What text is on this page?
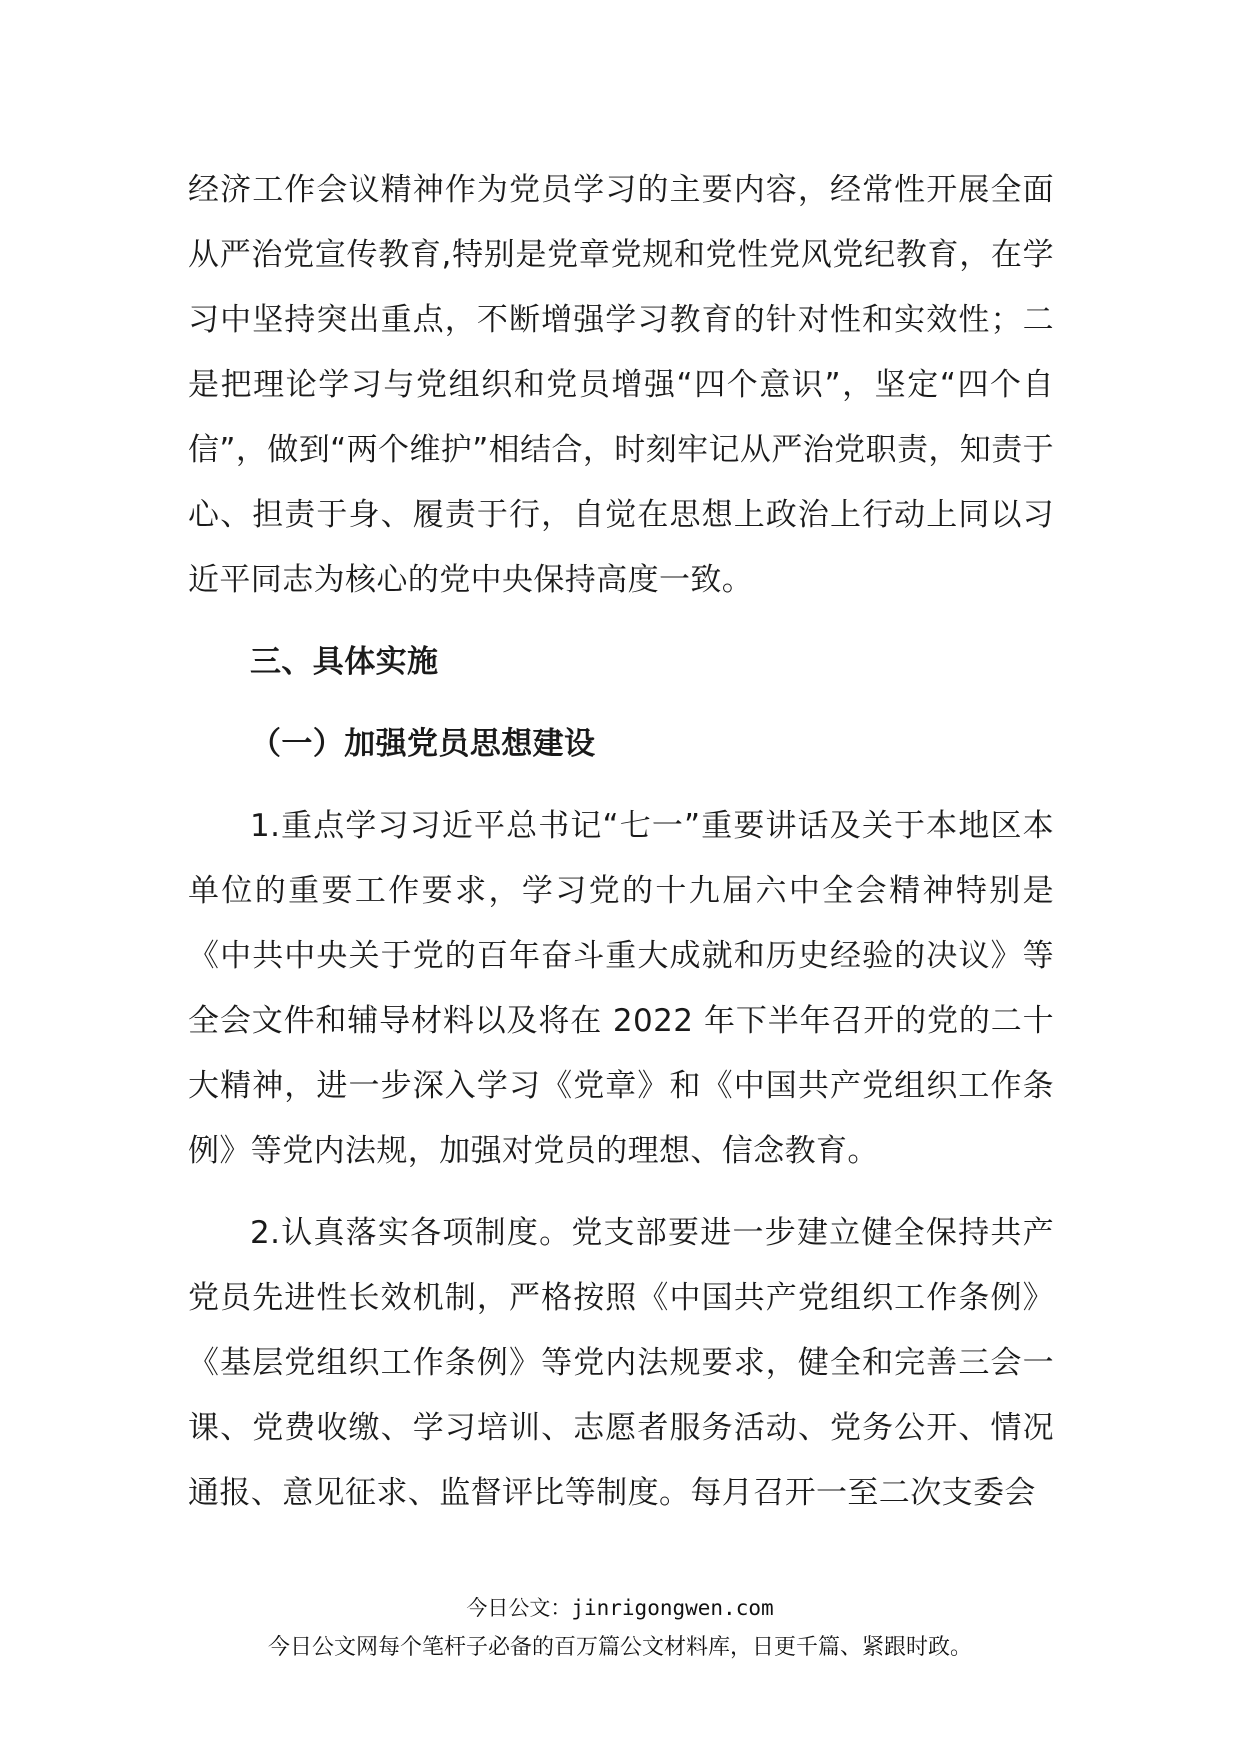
经济工作会议精神作为党员学习的主要内容，经常性开展全面从严治党宣传教育,特别是党章党规和党性党风党纪教育，在学习中坚持突出重点，不断增强学习教育的针对性和实效性；二是把理论学习与党组织和党员增强“四个意识”，坚定“四个自信”，做到“两个维护”相结合，时刻牢记从严治党职责，知责于心、担责于身、履责于行，自觉在思想上政治上行动上同以习近平同志为核心的党中央保持高度一致。

三、具体实施

（一）加强党员思想建设

1.重点学习习近平总书记“七一”重要讲话及关于本地区本单位的重要工作要求，学习党的十九届六中全会精神特别是《中共中央关于党的百年奋斗重大成就和历史经验的决议》等全会文件和辅导材料以及将在 2022 年下半年召开的党的二十大精神，进一步深入学习《党章》和《中国共产党组织工作条例》等党内法规，加强对党员的理想、信念教育。

2.认真落实各项制度。党支部要进一步建立健全保持共产党员先进性长效机制，严格按照《中国共产党组织工作条例》《基层党组织工作条例》等党内法规要求，健全和完善三会一课、党费收缴、学习培训、志愿者服务活动、党务公开、情况通报、意见征求、监督评比等制度。每月召开一至二次支委会

今日公文：jinrigongwen.com
今日公文网每个笔杆子必备的百万篇公文材料库，日更千篇、紧跟时政。
